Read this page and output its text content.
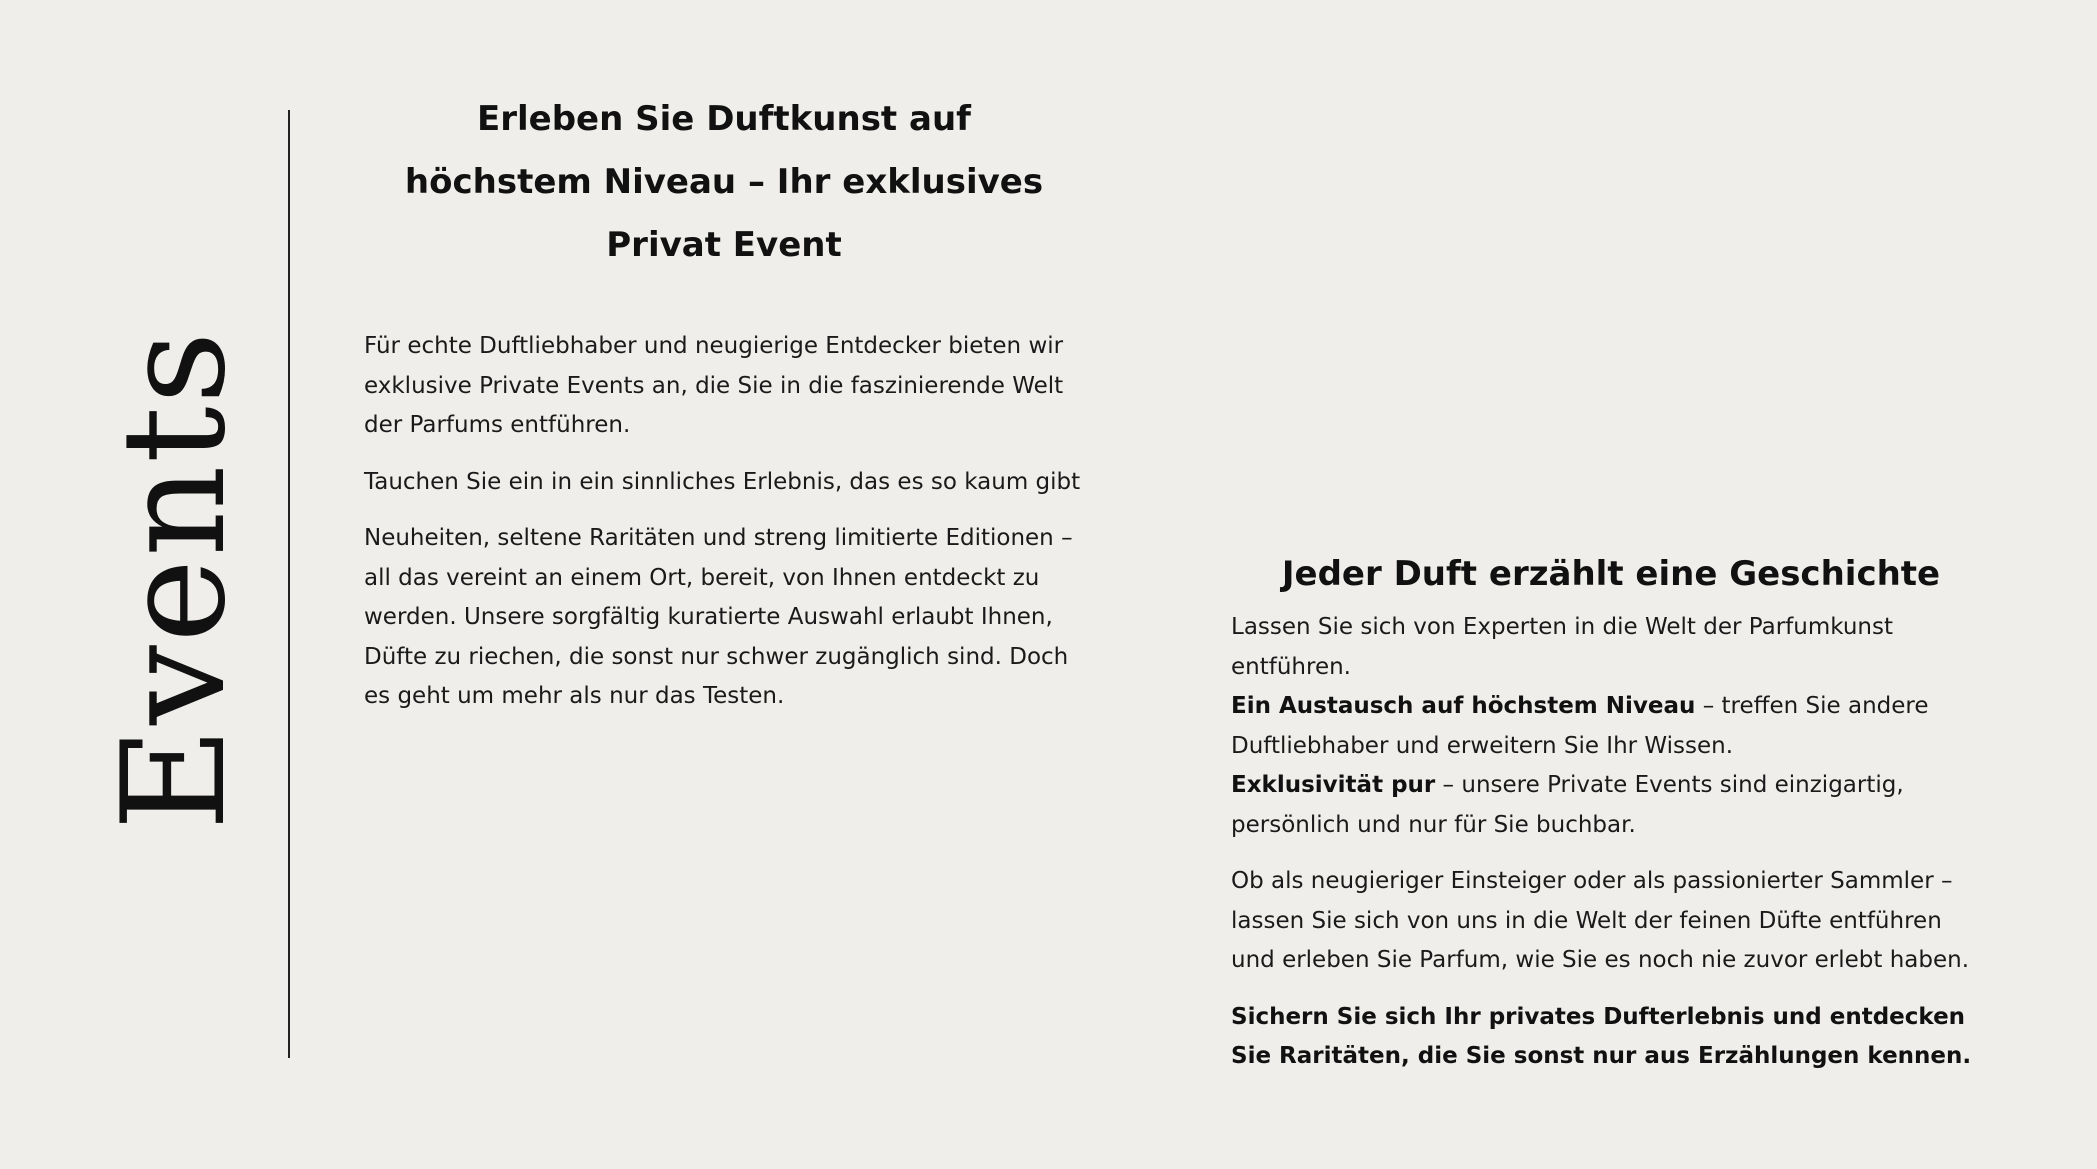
Events
Erleben Sie Duftkunst auf
höchstem Niveau – Ihr exklusives
Privat Event

Für echte Duftliebhaber und neugierige Entdecker bieten wir exklusive Private Events an, die Sie in die faszinierende Welt der Parfums entführen.

Tauchen Sie ein in ein sinnliches Erlebnis, das es so kaum gibt

Neuheiten, seltene Raritäten und streng limitierte Editionen – all das vereint an einem Ort, bereit, von Ihnen entdeckt zu werden. Unsere sorgfältig kuratierte Auswahl erlaubt Ihnen, Düfte zu riechen, die sonst nur schwer zugänglich sind. Doch es geht um mehr als nur das Testen.

Jeder Duft erzählt eine Geschichte

Lassen Sie sich von Experten in die Welt der Parfumkunst entführen.
Ein Austausch auf höchstem Niveau – treffen Sie andere Duftliebhaber und erweitern Sie Ihr Wissen.
Exklusivität pur – unsere Private Events sind einzigartig, persönlich und nur für Sie buchbar.

Ob als neugieriger Einsteiger oder als passionierter Sammler – lassen Sie sich von uns in die Welt der feinen Düfte entführen und erleben Sie Parfum, wie Sie es noch nie zuvor erlebt haben.

Sichern Sie sich Ihr privates Dufterlebnis und entdecken Sie Raritäten, die Sie sonst nur aus Erzählungen kennen.
